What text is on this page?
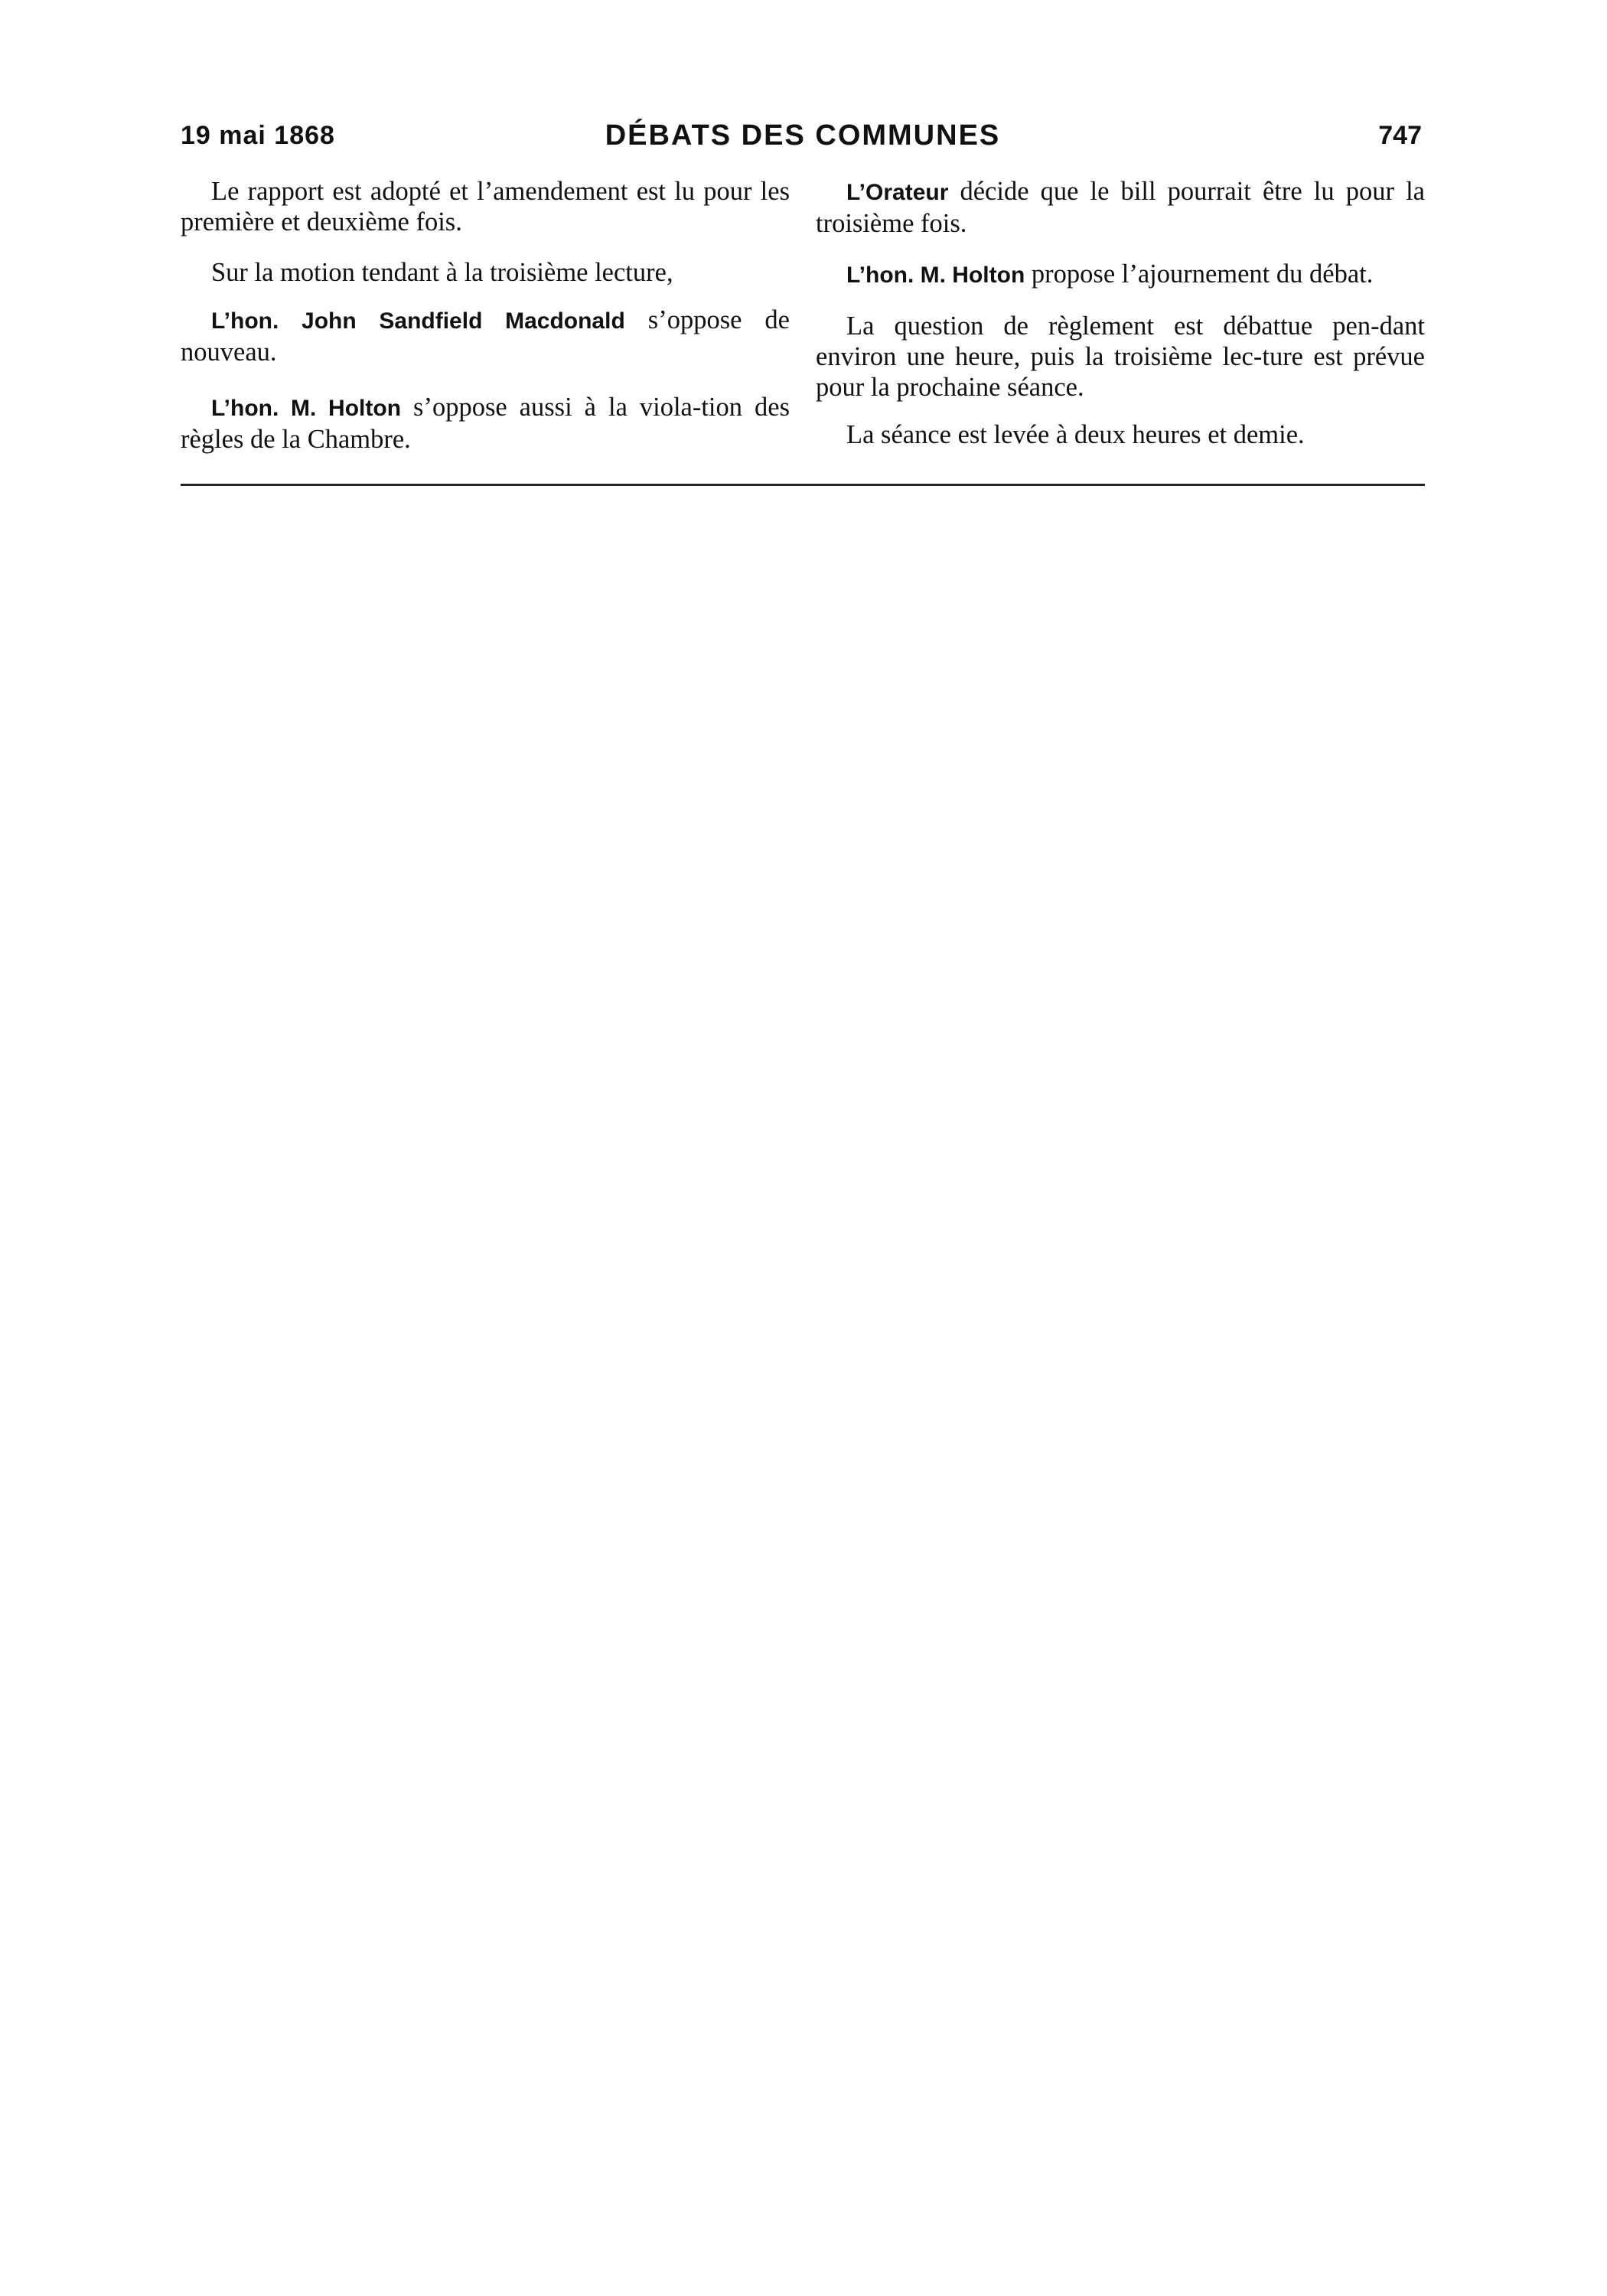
19 mai 1868	DÉBATS DES COMMUNES	747

Le rapport est adopté et l’amendement est lu pour les première et deuxième fois.

Sur la motion tendant à la troisième lecture,

L’hon. John Sandfield Macdonald s’oppose de nouveau.

L’hon. M. Holton s’oppose aussi à la viola-tion des règles de la Chambre.

L’Orateur décide que le bill pourrait être lu pour la troisième fois.

L’hon. M. Holton propose l’ajournement du débat.

La question de règlement est débattue pen-dant environ une heure, puis la troisième lec-ture est prévue pour la prochaine séance.

La séance est levée à deux heures et demie.
